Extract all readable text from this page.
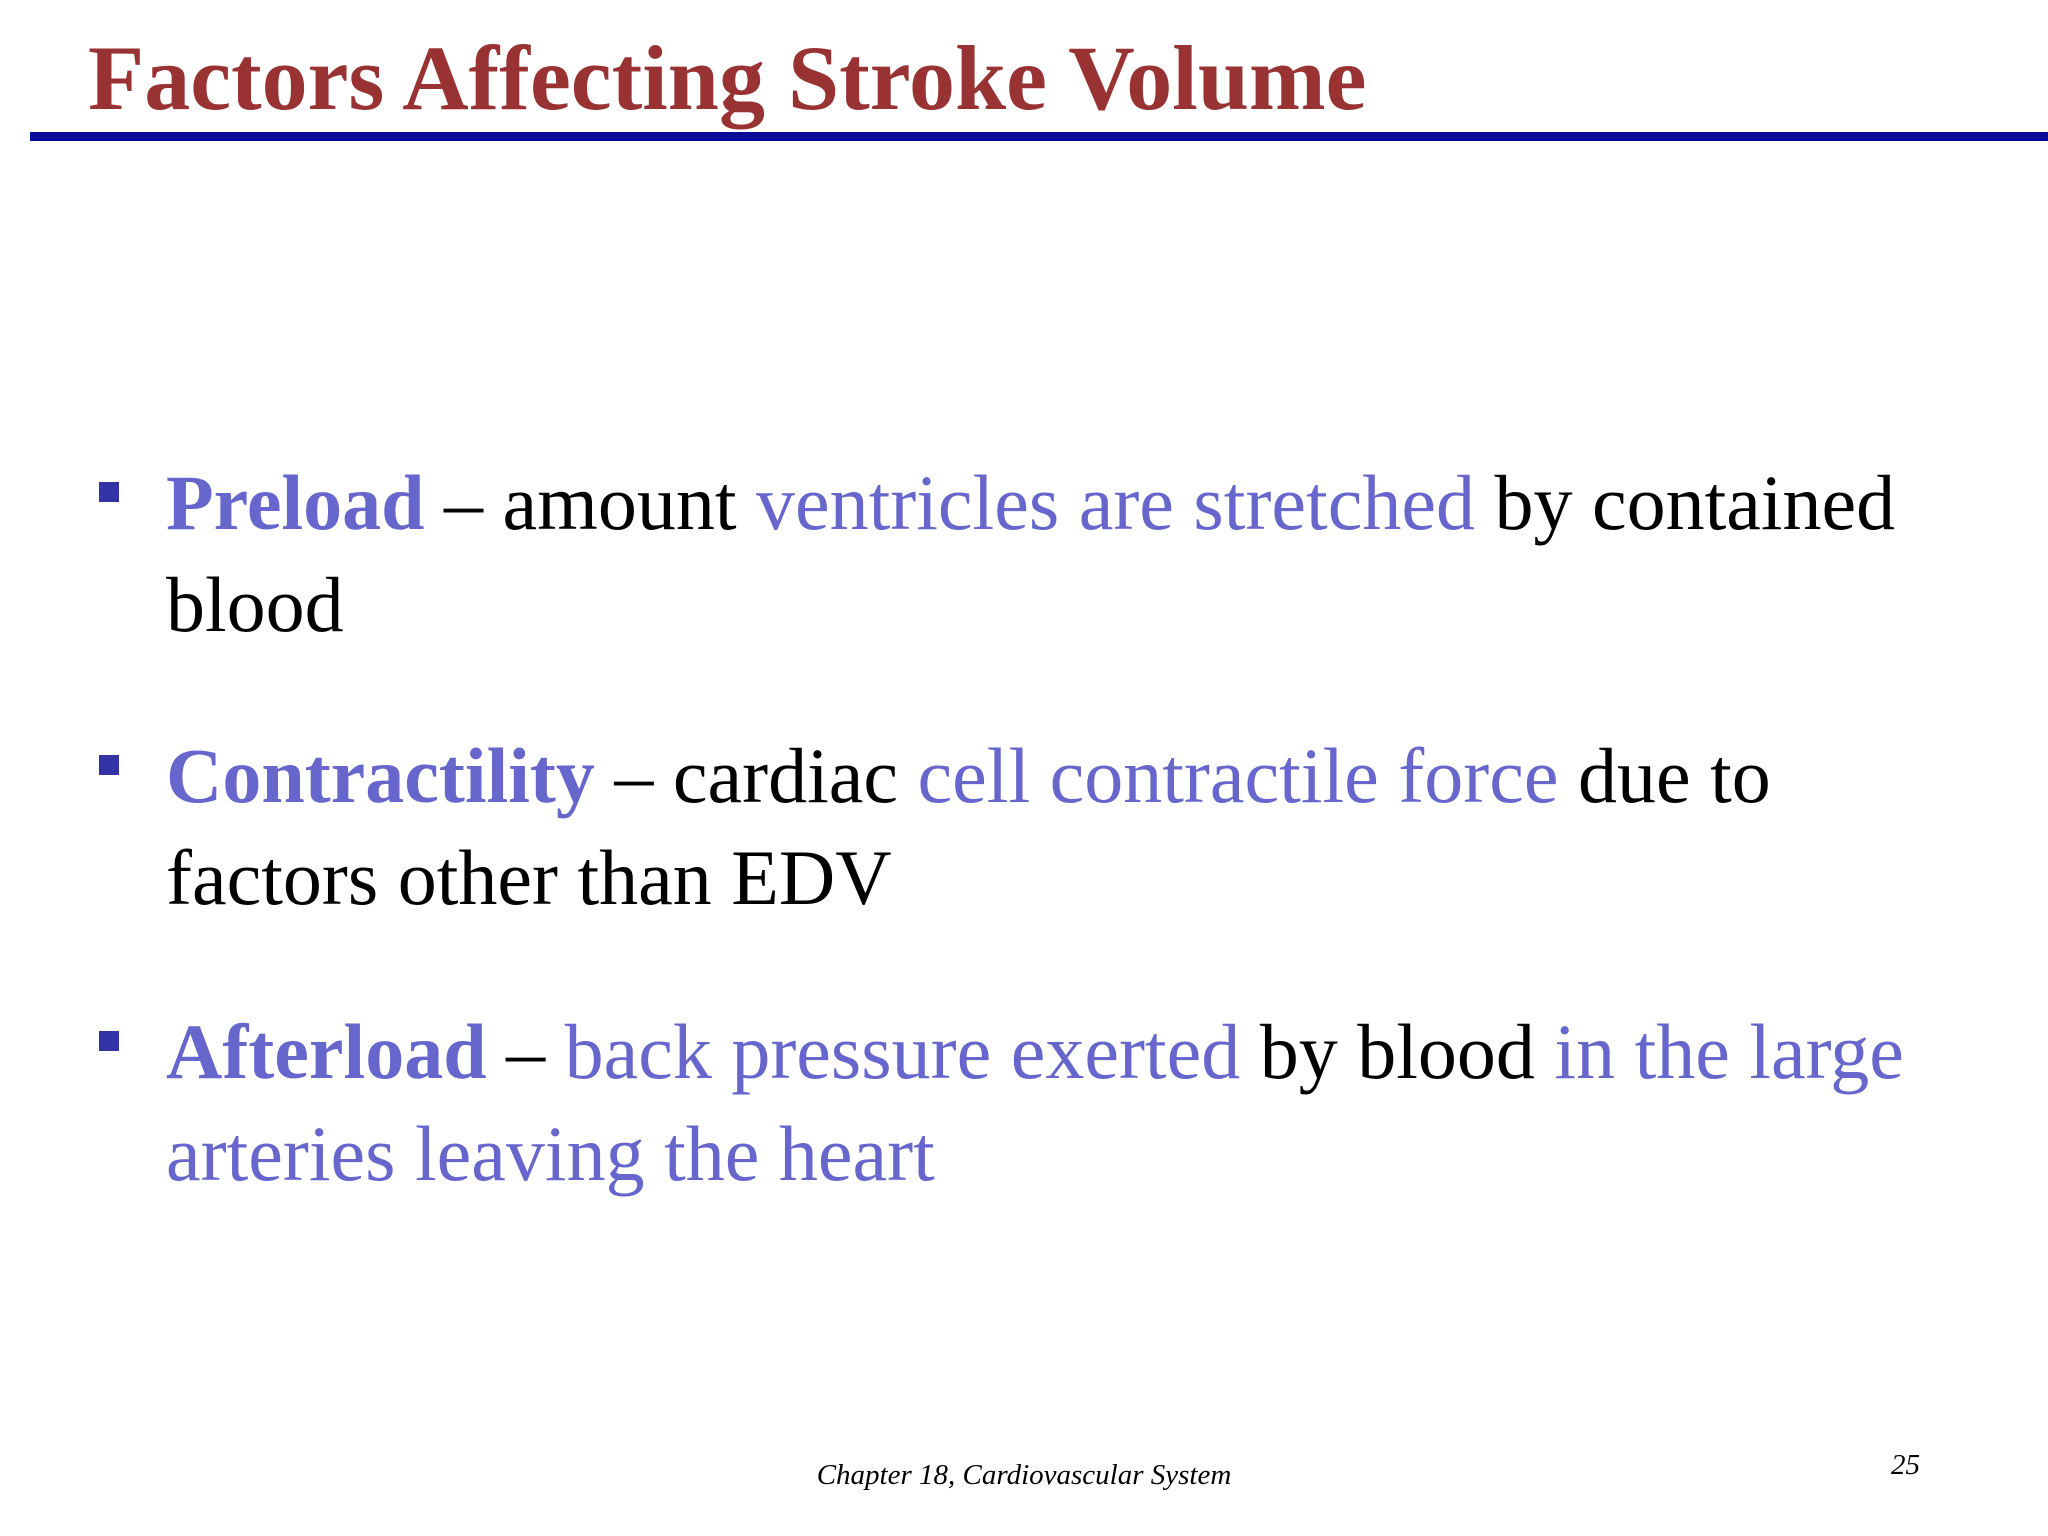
Factors Affecting Stroke Volume
Preload – amount ventricles are stretched by contained blood
Contractility – cardiac cell contractile force due to factors other than EDV
Afterload – back pressure exerted by blood in the large arteries leaving the heart
Chapter 18, Cardiovascular System	25
